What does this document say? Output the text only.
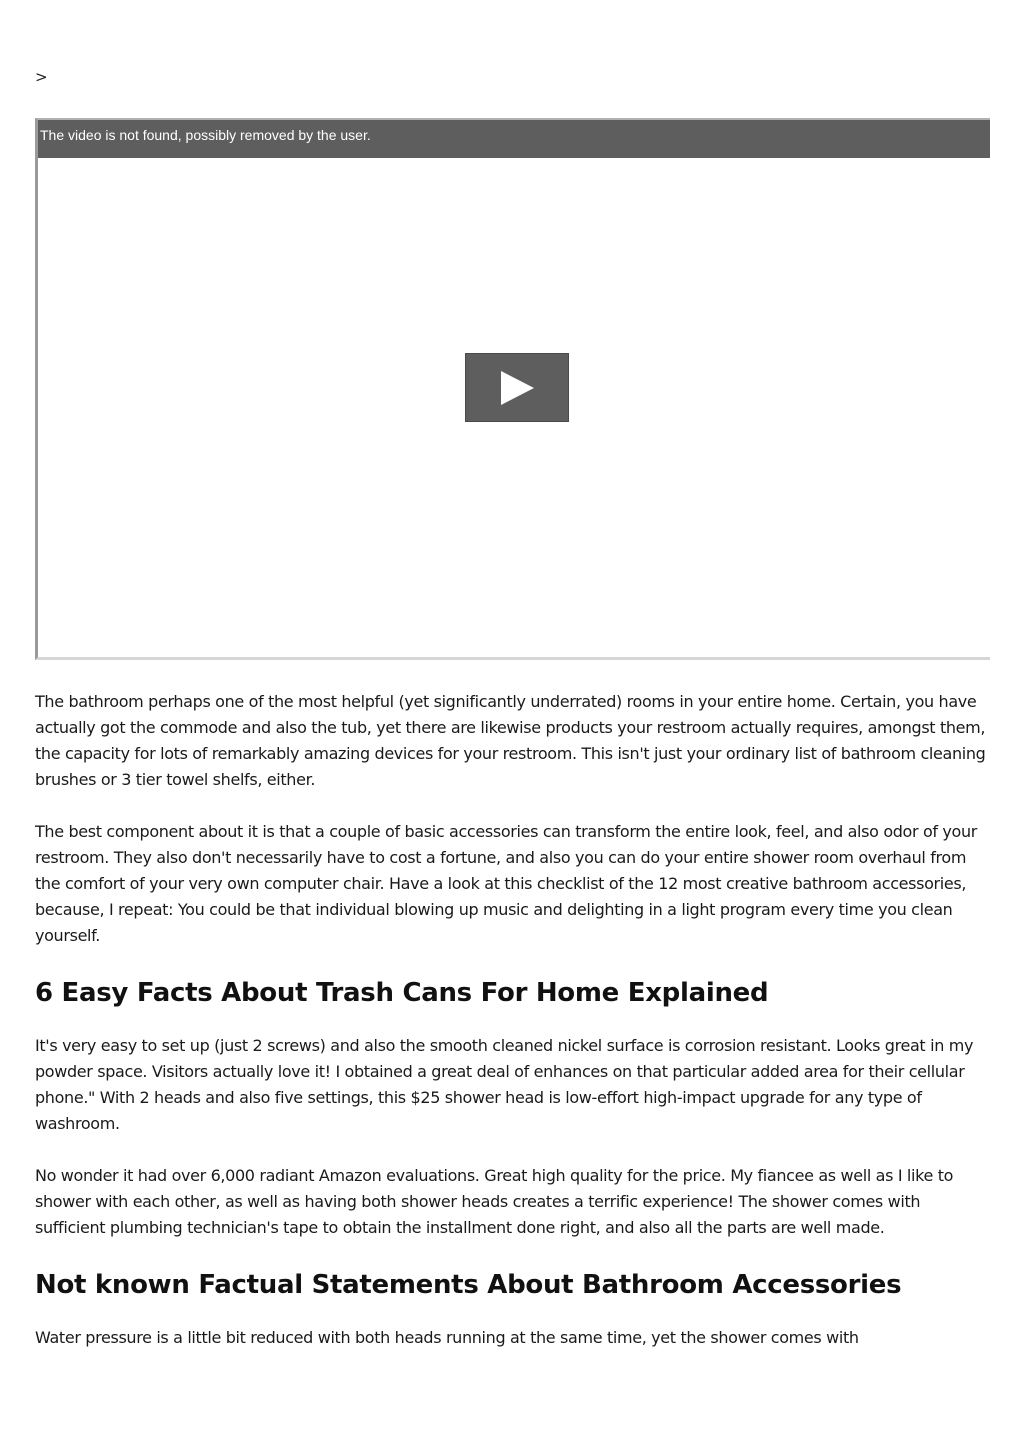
>
The video is not found, possibly removed by the user.

The bathroom perhaps one of the most helpful (yet significantly underrated) rooms in your entire home. Certain, you have actually got the commode and also the tub, yet there are likewise products your restroom actually requires, amongst them, the capacity for lots of remarkably amazing devices for your restroom. This isn't just your ordinary list of bathroom cleaning brushes or 3 tier towel shelfs, either.

The best component about it is that a couple of basic accessories can transform the entire look, feel, and also odor of your restroom. They also don't necessarily have to cost a fortune, and also you can do your entire shower room overhaul from the comfort of your very own computer chair. Have a look at this checklist of the 12 most creative bathroom accessories, because, I repeat: You could be that individual blowing up music and delighting in a light program every time you clean yourself.

6 Easy Facts About Trash Cans For Home Explained

It's very easy to set up (just 2 screws) and also the smooth cleaned nickel surface is corrosion resistant. Looks great in my powder space. Visitors actually love it! I obtained a great deal of enhances on that particular added area for their cellular phone." With 2 heads and also five settings, this $25 shower head is low-effort high-impact upgrade for any type of washroom.

No wonder it had over 6,000 radiant Amazon evaluations. Great high quality for the price. My fiancee as well as I like to shower with each other, as well as having both shower heads creates a terrific experience! The shower comes with sufficient plumbing technician's tape to obtain the installment done right, and also all the parts are well made.

Not known Factual Statements About Bathroom Accessories

Water pressure is a little bit reduced with both heads running at the same time, yet the shower comes with
